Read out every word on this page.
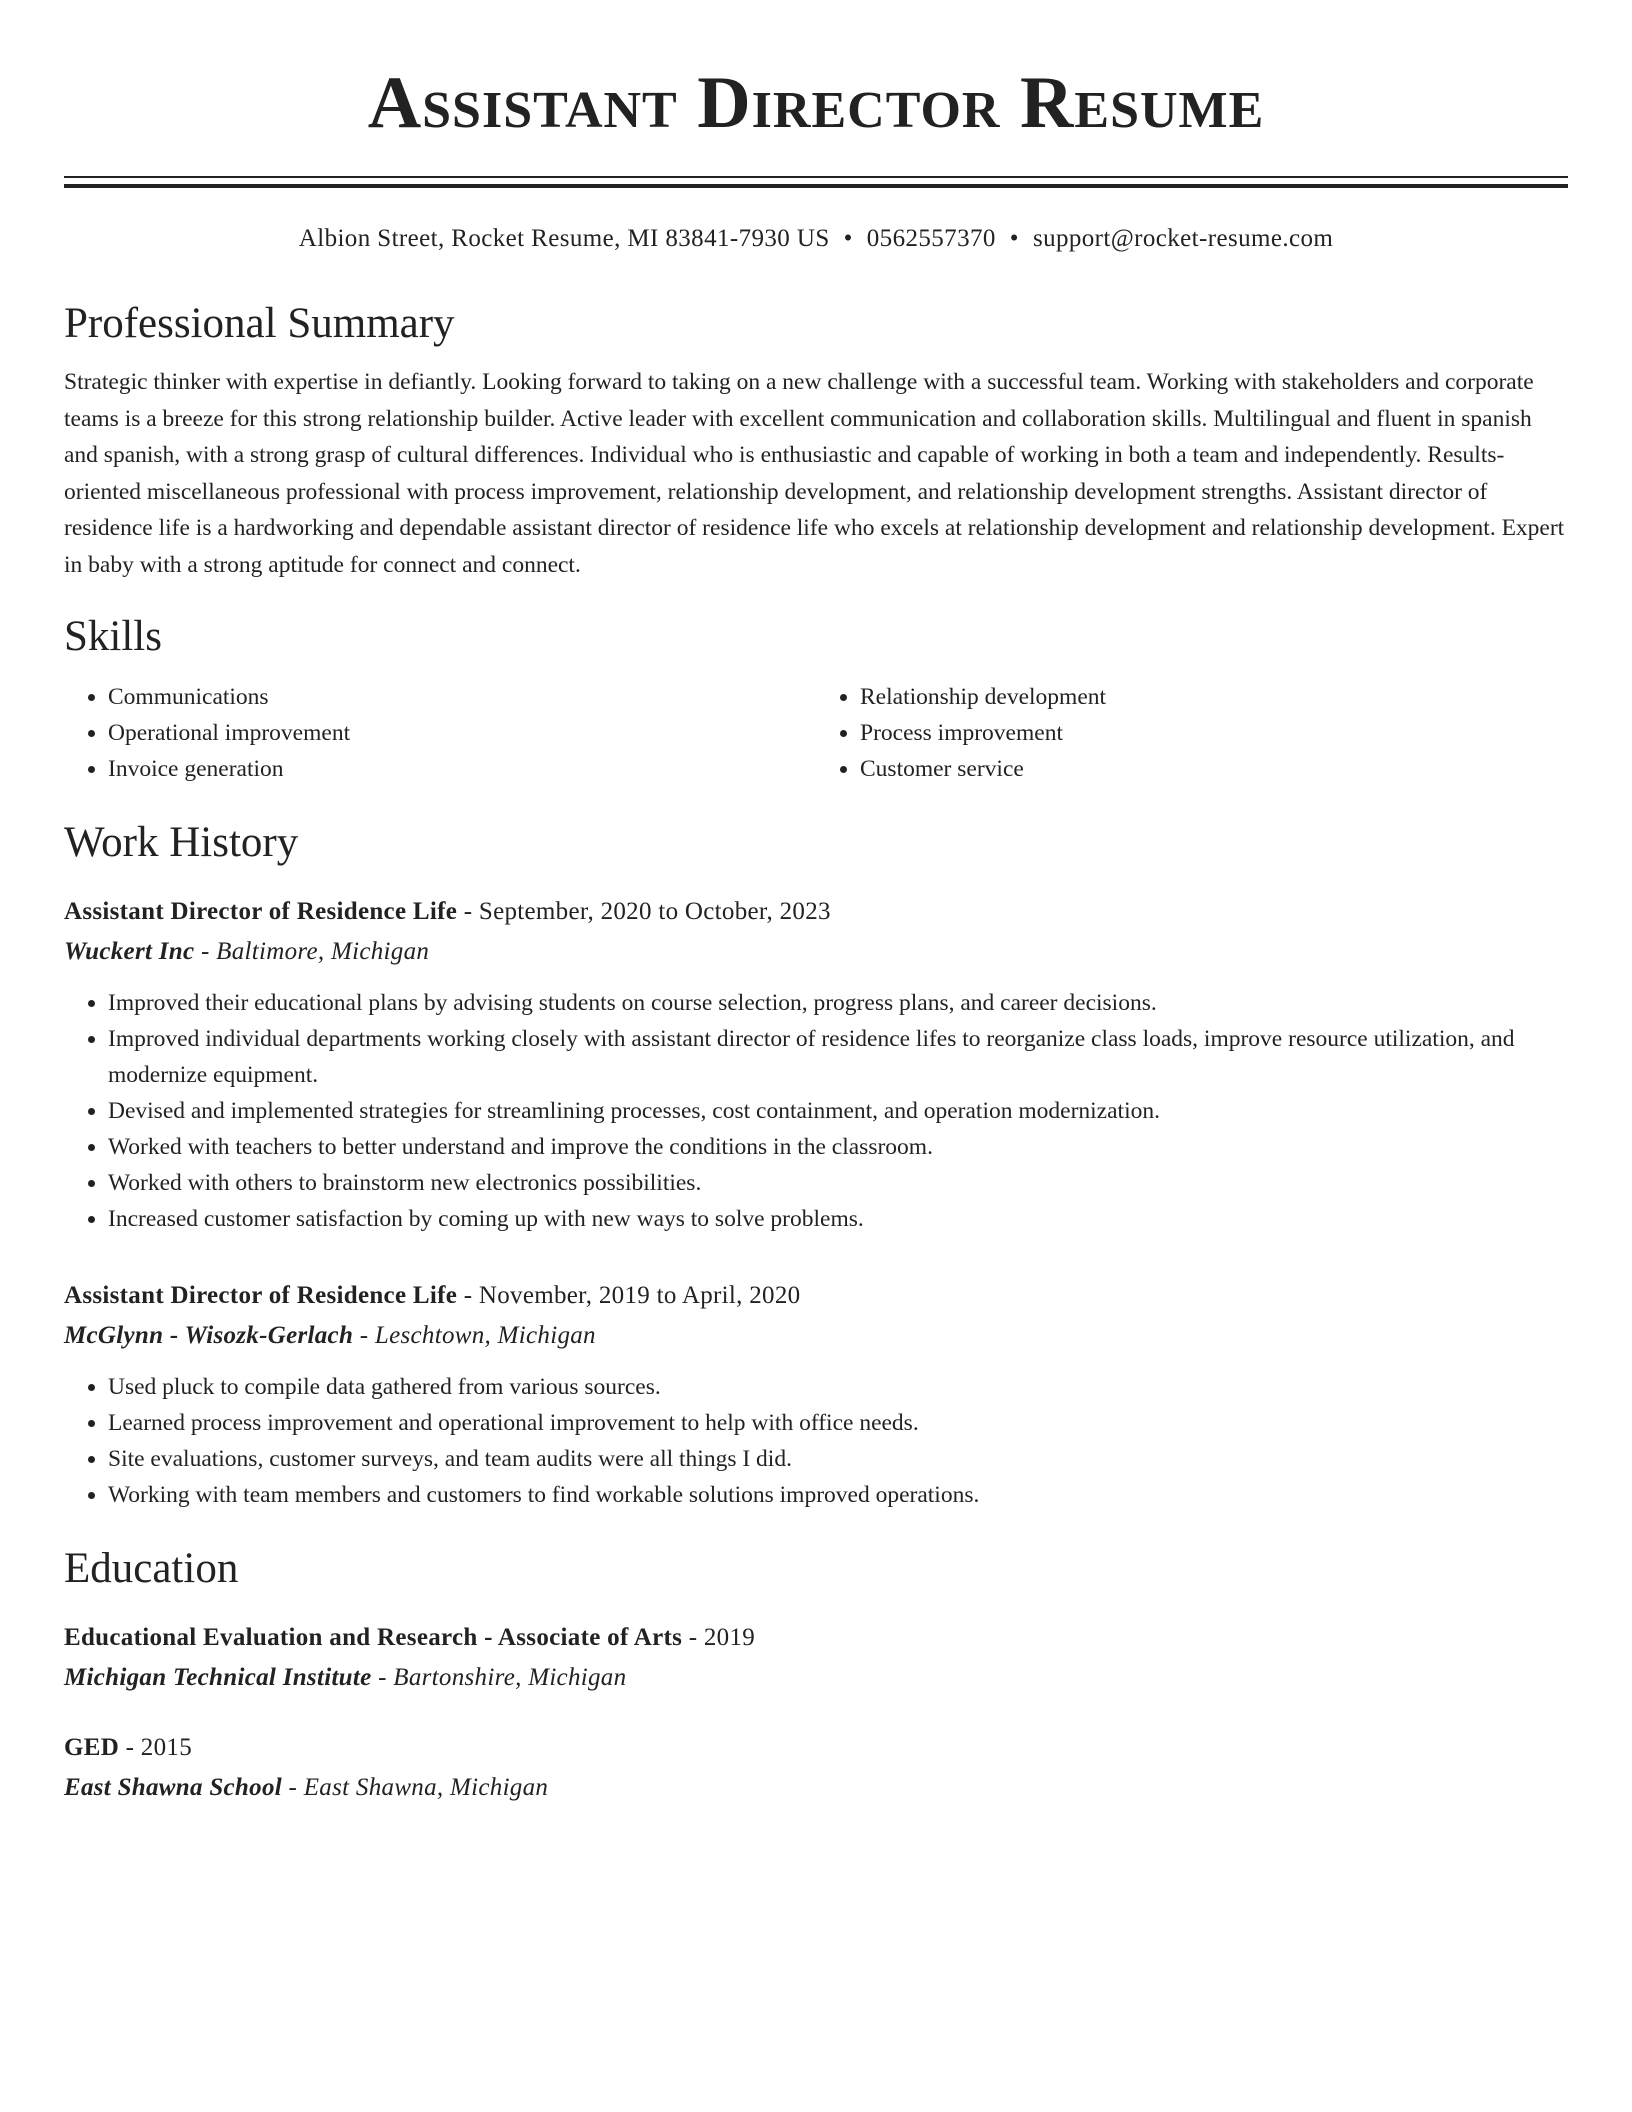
Assistant Director Resume
Albion Street, Rocket Resume, MI 83841-7930 US • 0562557370 • support@rocket-resume.com
Professional Summary

Strategic thinker with expertise in defiantly. Looking forward to taking on a new challenge with a successful team. Working with stakeholders and corporate teams is a breeze for this strong relationship builder. Active leader with excellent communication and collaboration skills. Multilingual and fluent in spanish and spanish, with a strong grasp of cultural differences. Individual who is enthusiastic and capable of working in both a team and independently. Results-oriented miscellaneous professional with process improvement, relationship development, and relationship development strengths. Assistant director of residence life is a hardworking and dependable assistant director of residence life who excels at relationship development and relationship development. Expert in baby with a strong aptitude for connect and connect.

Skills
• Communications
• Operational improvement
• Invoice generation
• Relationship development
• Process improvement
• Customer service
Work History
Assistant Director of Residence Life - September, 2020 to October, 2023
Wuckert Inc - Baltimore, Michigan
• Improved their educational plans by advising students on course selection, progress plans, and career decisions.
• Improved individual departments working closely with assistant director of residence lifes to reorganize class loads, improve resource utilization, and modernize equipment.
• Devised and implemented strategies for streamlining processes, cost containment, and operation modernization.
• Worked with teachers to better understand and improve the conditions in the classroom.
• Worked with others to brainstorm new electronics possibilities.
• Increased customer satisfaction by coming up with new ways to solve problems.
Assistant Director of Residence Life - November, 2019 to April, 2020
McGlynn - Wisozk-Gerlach - Leschtown, Michigan
• Used pluck to compile data gathered from various sources.
• Learned process improvement and operational improvement to help with office needs.
• Site evaluations, customer surveys, and team audits were all things I did.
• Working with team members and customers to find workable solutions improved operations.
Education
Educational Evaluation and Research - Associate of Arts - 2019
Michigan Technical Institute - Bartonshire, Michigan
GED - 2015
East Shawna School - East Shawna, Michigan
